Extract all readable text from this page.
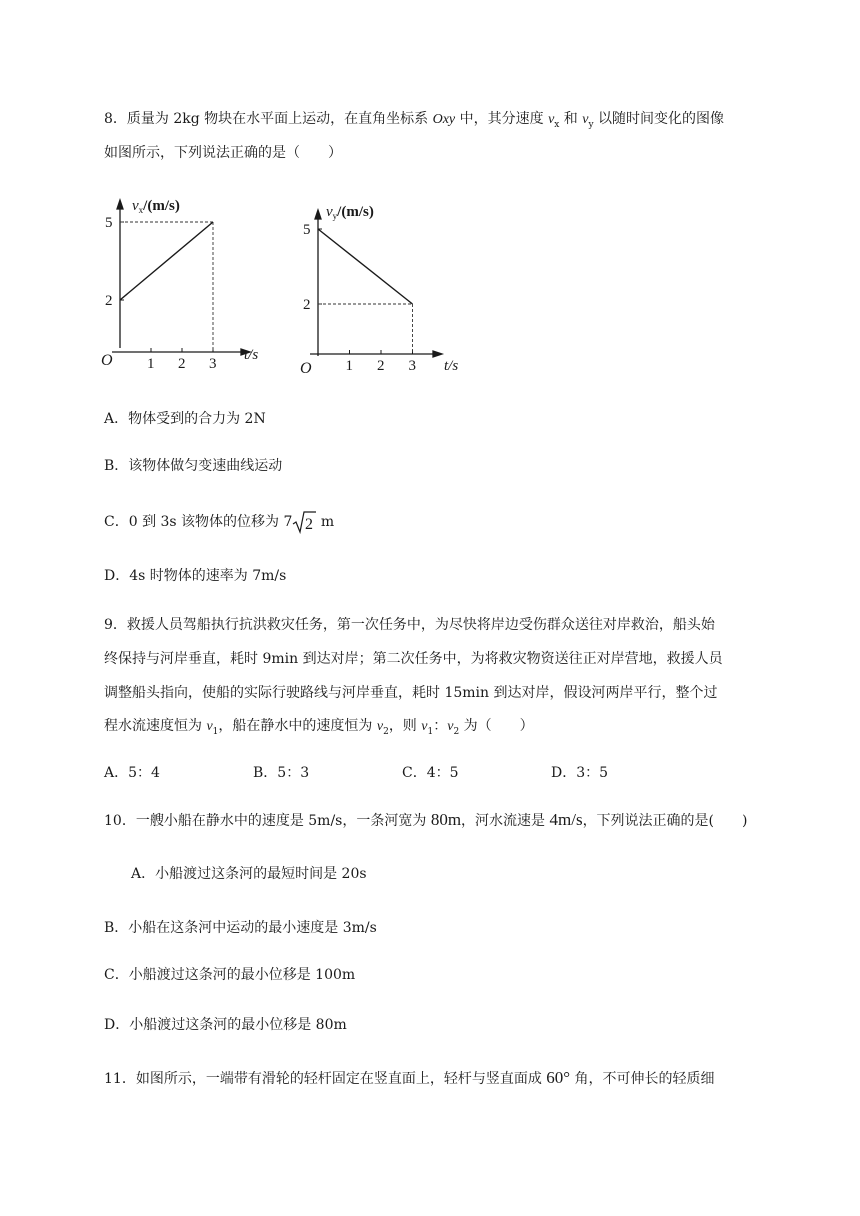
8．质量为 2kg 物块在水平面上运动，在直角坐标系 Oxy 中，其分速度 $v_x$ 和 $v_y$ 以随时间变化的图像

如图所示，下列说法正确的是（　　）

$v_x/(m/s)$
t/s
O 1 2 3
2
5
$v_y/(m/s)$
t/s
O 1 2 3
5
2

A．物体受到的合力为 2N

B．该物体做匀变速曲线运动

C．0 到 3s 该物体的位移为 7 2 m

D．4s 时物体的速率为 7m/s

9．救援人员驾船执行抗洪救灾任务，第一次任务中，为尽快将岸边受伤群众送往对岸救治，船头始

终保持与河岸垂直，耗时 9min 到达对岸；第二次任务中，为将救灾物资送往正对岸营地，救援人员

调整船头指向，使船的实际行驶路线与河岸垂直，耗时 15min 到达对岸，假设河两岸平行，整个过

程水流速度恒为 $v_1$，船在静水中的速度恒为 $v_2$，则 $v_1$：$v_2$ 为（　　）

A．5：4	B．5：3	C．4：5	D．3：5

10．一艘小船在静水中的速度是 5m/s，一条河宽为 80m，河水流速是 4m/s，下列说法正确的是(　　)

A．小船渡过这条河的最短时间是 20s

B．小船在这条河中运动的最小速度是 3m/s

C．小船渡过这条河的最小位移是 100m

D．小船渡过这条河的最小位移是 80m

11．如图所示，一端带有滑轮的轻杆固定在竖直面上，轻杆与竖直面成 60° 角，不可伸长的轻质细
